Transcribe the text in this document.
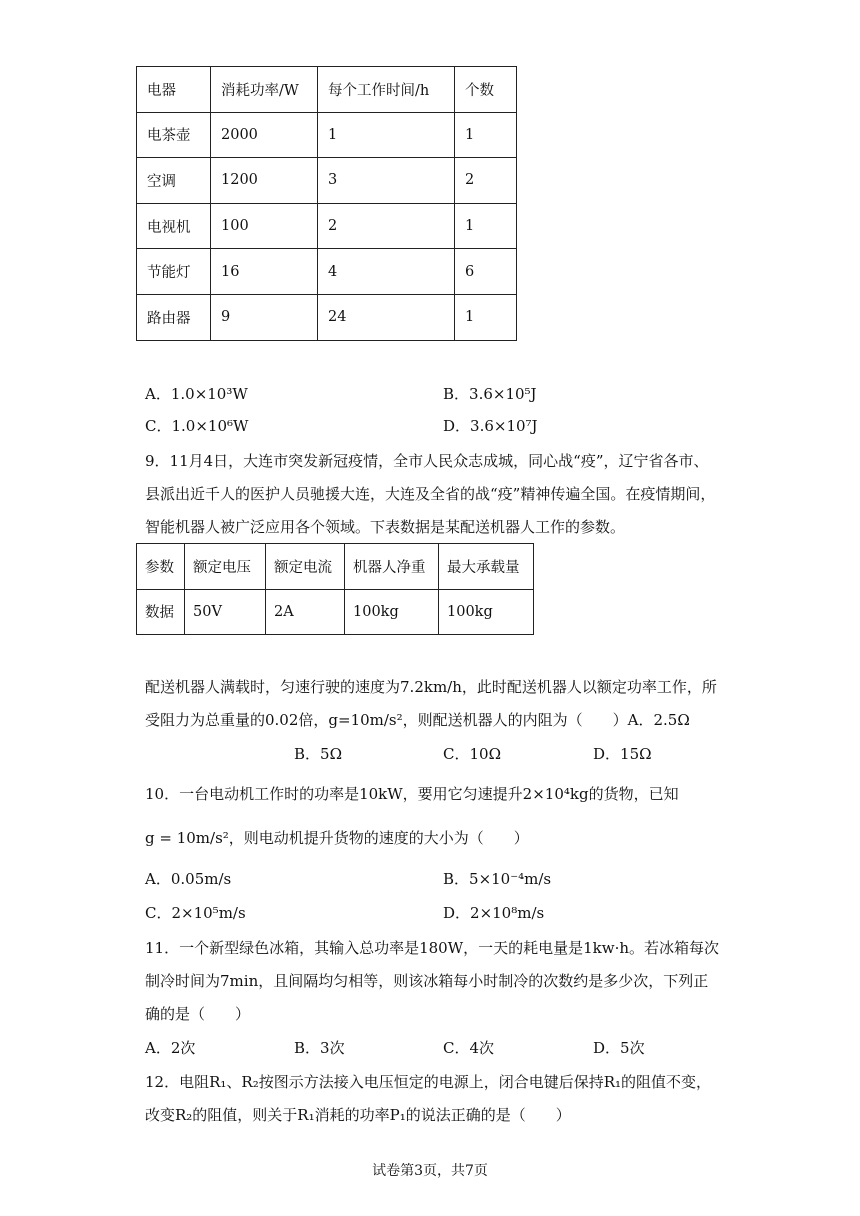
电器	消耗功率/W	每个工作时间/h	个数
电茶壶	2000	1	1
空调	1200	3	2
电视机	100	2	1
节能灯	16	4	6
路由器	9	24	1
A．1.0×10³W	B．3.6×10⁵J
C．1.0×10⁶W	D．3.6×10⁷J
9．11月4日，大连市突发新冠疫情，全市人民众志成城，同心战“疫”，辽宁省各市、
县派出近千人的医护人员驰援大连，大连及全省的战“疫”精神传遍全国。在疫情期间，
智能机器人被广泛应用各个领域。下表数据是某配送机器人工作的参数。
参数	额定电压	额定电流	机器人净重	最大承载量
数据	50V	2A	100kg	100kg
配送机器人满载时，匀速行驶的速度为7.2km/h，此时配送机器人以额定功率工作，所
受阻力为总重量的0.02倍，g=10m/s²，则配送机器人的内阻为（　　）A．2.5Ω
B．5Ω	C．10Ω	D．15Ω
10．一台电动机工作时的功率是10kW，要用它匀速提升2×10⁴kg的货物，已知
g = 10m/s²，则电动机提升货物的速度的大小为（　　）
A．0.05m/s	B．5×10⁻⁴m/s
C．2×10⁵m/s	D．2×10⁸m/s
11．一个新型绿色冰箱，其输入总功率是180W，一天的耗电量是1kw·h。若冰箱每次
制冷时间为7min，且间隔均匀相等，则该冰箱每小时制冷的次数约是多少次，下列正
确的是（　　）
A．2次	B．3次	C．4次	D．5次
12．电阻R₁、R₂按图示方法接入电压恒定的电源上，闭合电键后保持R₁的阻值不变，
改变R₂的阻值，则关于R₁消耗的功率P₁的说法正确的是（　　）
试卷第3页，共7页
